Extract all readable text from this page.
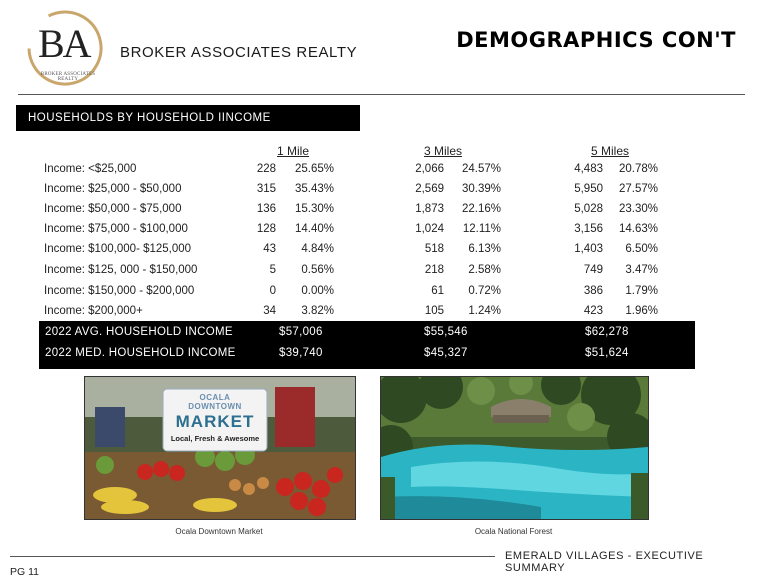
BA
BROKER ASSOCIATES REALTY
BROKER ASSOCIATES REALTY
DEMOGRAPHICS CON'T
HOUSEHOLDS BY HOUSEHOLD IINCOME
1 Mile	3 Miles	5 Miles
Income: <$25,000	228 25.65%	2,066 24.57%	4,483 20.78%
Income: $25,000 - $50,000	315 35.43%	2,569 30.39%	5,950 27.57%
Income: $50,000 - $75,000	136 15.30%	1,873 22.16%	5,028 23.30%
Income: $75,000 - $100,000	128 14.40%	1,024 12.11%	3,156 14.63%
Income: $100,000- $125,000	43 4.84%	518 6.13%	1,403 6.50%
Income: $125, 000 - $150,000	5 0.56%	218 2.58%	749 3.47%
Income: $150,000 - $200,000	0 0.00%	61 0.72%	386 1.79%
Income: $200,000+	34 3.82%	105 1.24%	423 1.96%
2022 AVG. HOUSEHOLD INCOME	$57,006	$55,546	$62,278
2022 MED. HOUSEHOLD INCOME	$39,740	$45,327	$51,624
OCALA
DOWNTOWN
MARKET
Local, Fresh & Awesome
Ocala Downtown Market	Ocala National Forest
EMERALD VILLAGES - EXECUTIVE SUMMARY
PG 11
